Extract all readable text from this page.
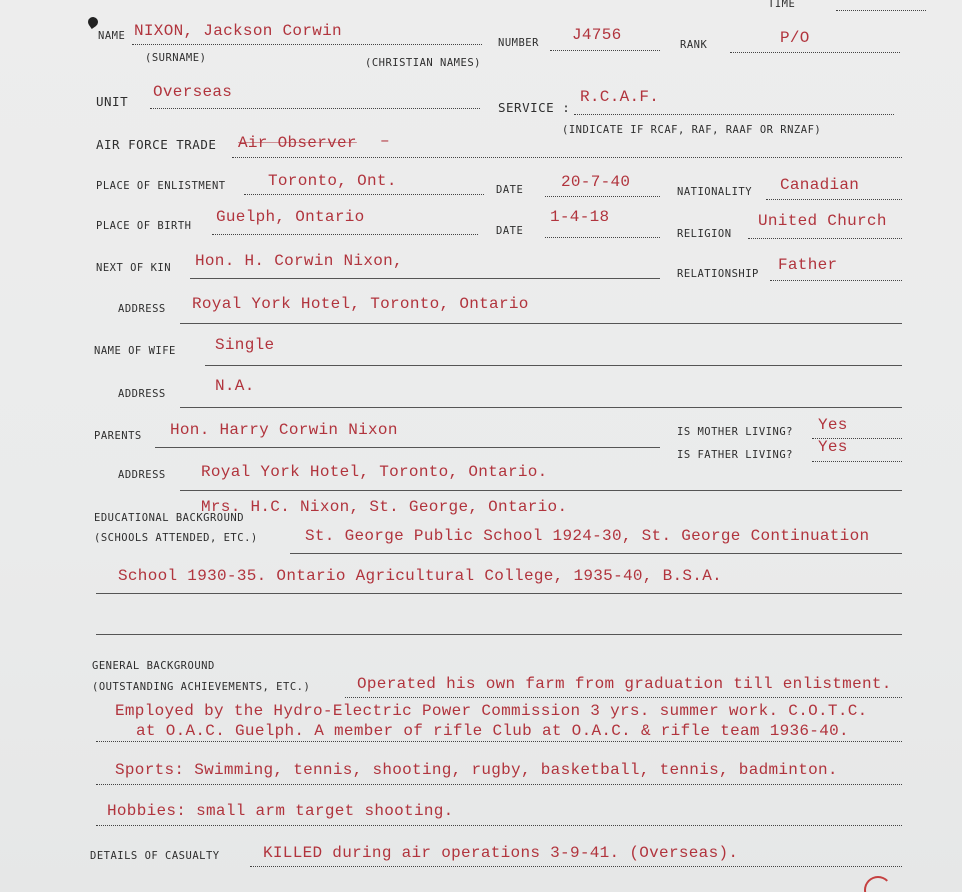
TIME
NAME NIXON, Jackson Corwin
(SURNAME)	(CHRISTIAN NAMES)
NUMBER J4756
RANK	P/O
UNIT
Overseas
SERVICE :
R.C.A.F.
(INDICATE IF RCAF, RAF, RAAF OR RNZAF)
AIR FORCE TRADE Air Observer –
PLACE OF ENLISTMENT	Toronto, Ont.	DATE 20-7-40
NATIONALITY Canadian
PLACE OF BIRTH Guelph, Ontario
DATE
1-4-18
RELIGION
United Church
NEXT OF KIN Hon. H. Corwin Nixon,
RELATIONSHIP Father
ADDRESS Royal York Hotel, Toronto, Ontario
NAME OF WIFE Single
ADDRESS	N.A.
PARENTS Hon. Harry Corwin Nixon	IS MOTHER LIVING? Yes
IS FATHER LIVING? Yes
ADDRESS Royal York Hotel, Toronto, Ontario.
Mrs. H.C. Nixon, St. George, Ontario.
EDUCATIONAL BACKGROUND
(SCHOOLS ATTENDED, ETC.)	St. George Public School 1924-30, St. George Continuation
School 1930-35. Ontario Agricultural College, 1935-40, B.S.A.
GENERAL BACKGROUND
(OUTSTANDING ACHIEVEMENTS, ETC.)	Operated his own farm from graduation till enlistment.
Employed by the Hydro-Electric Power Commission 3 yrs. summer work. C.O.T.C.
at O.A.C. Guelph. A member of rifle Club at O.A.C. & rifle team 1936-40.
Sports: Swimming, tennis, shooting, rugby, basketball, tennis, badminton.
Hobbies: small arm target shooting.
DETAILS OF CASUALTY	KILLED during air operations 3-9-41. (Overseas).
